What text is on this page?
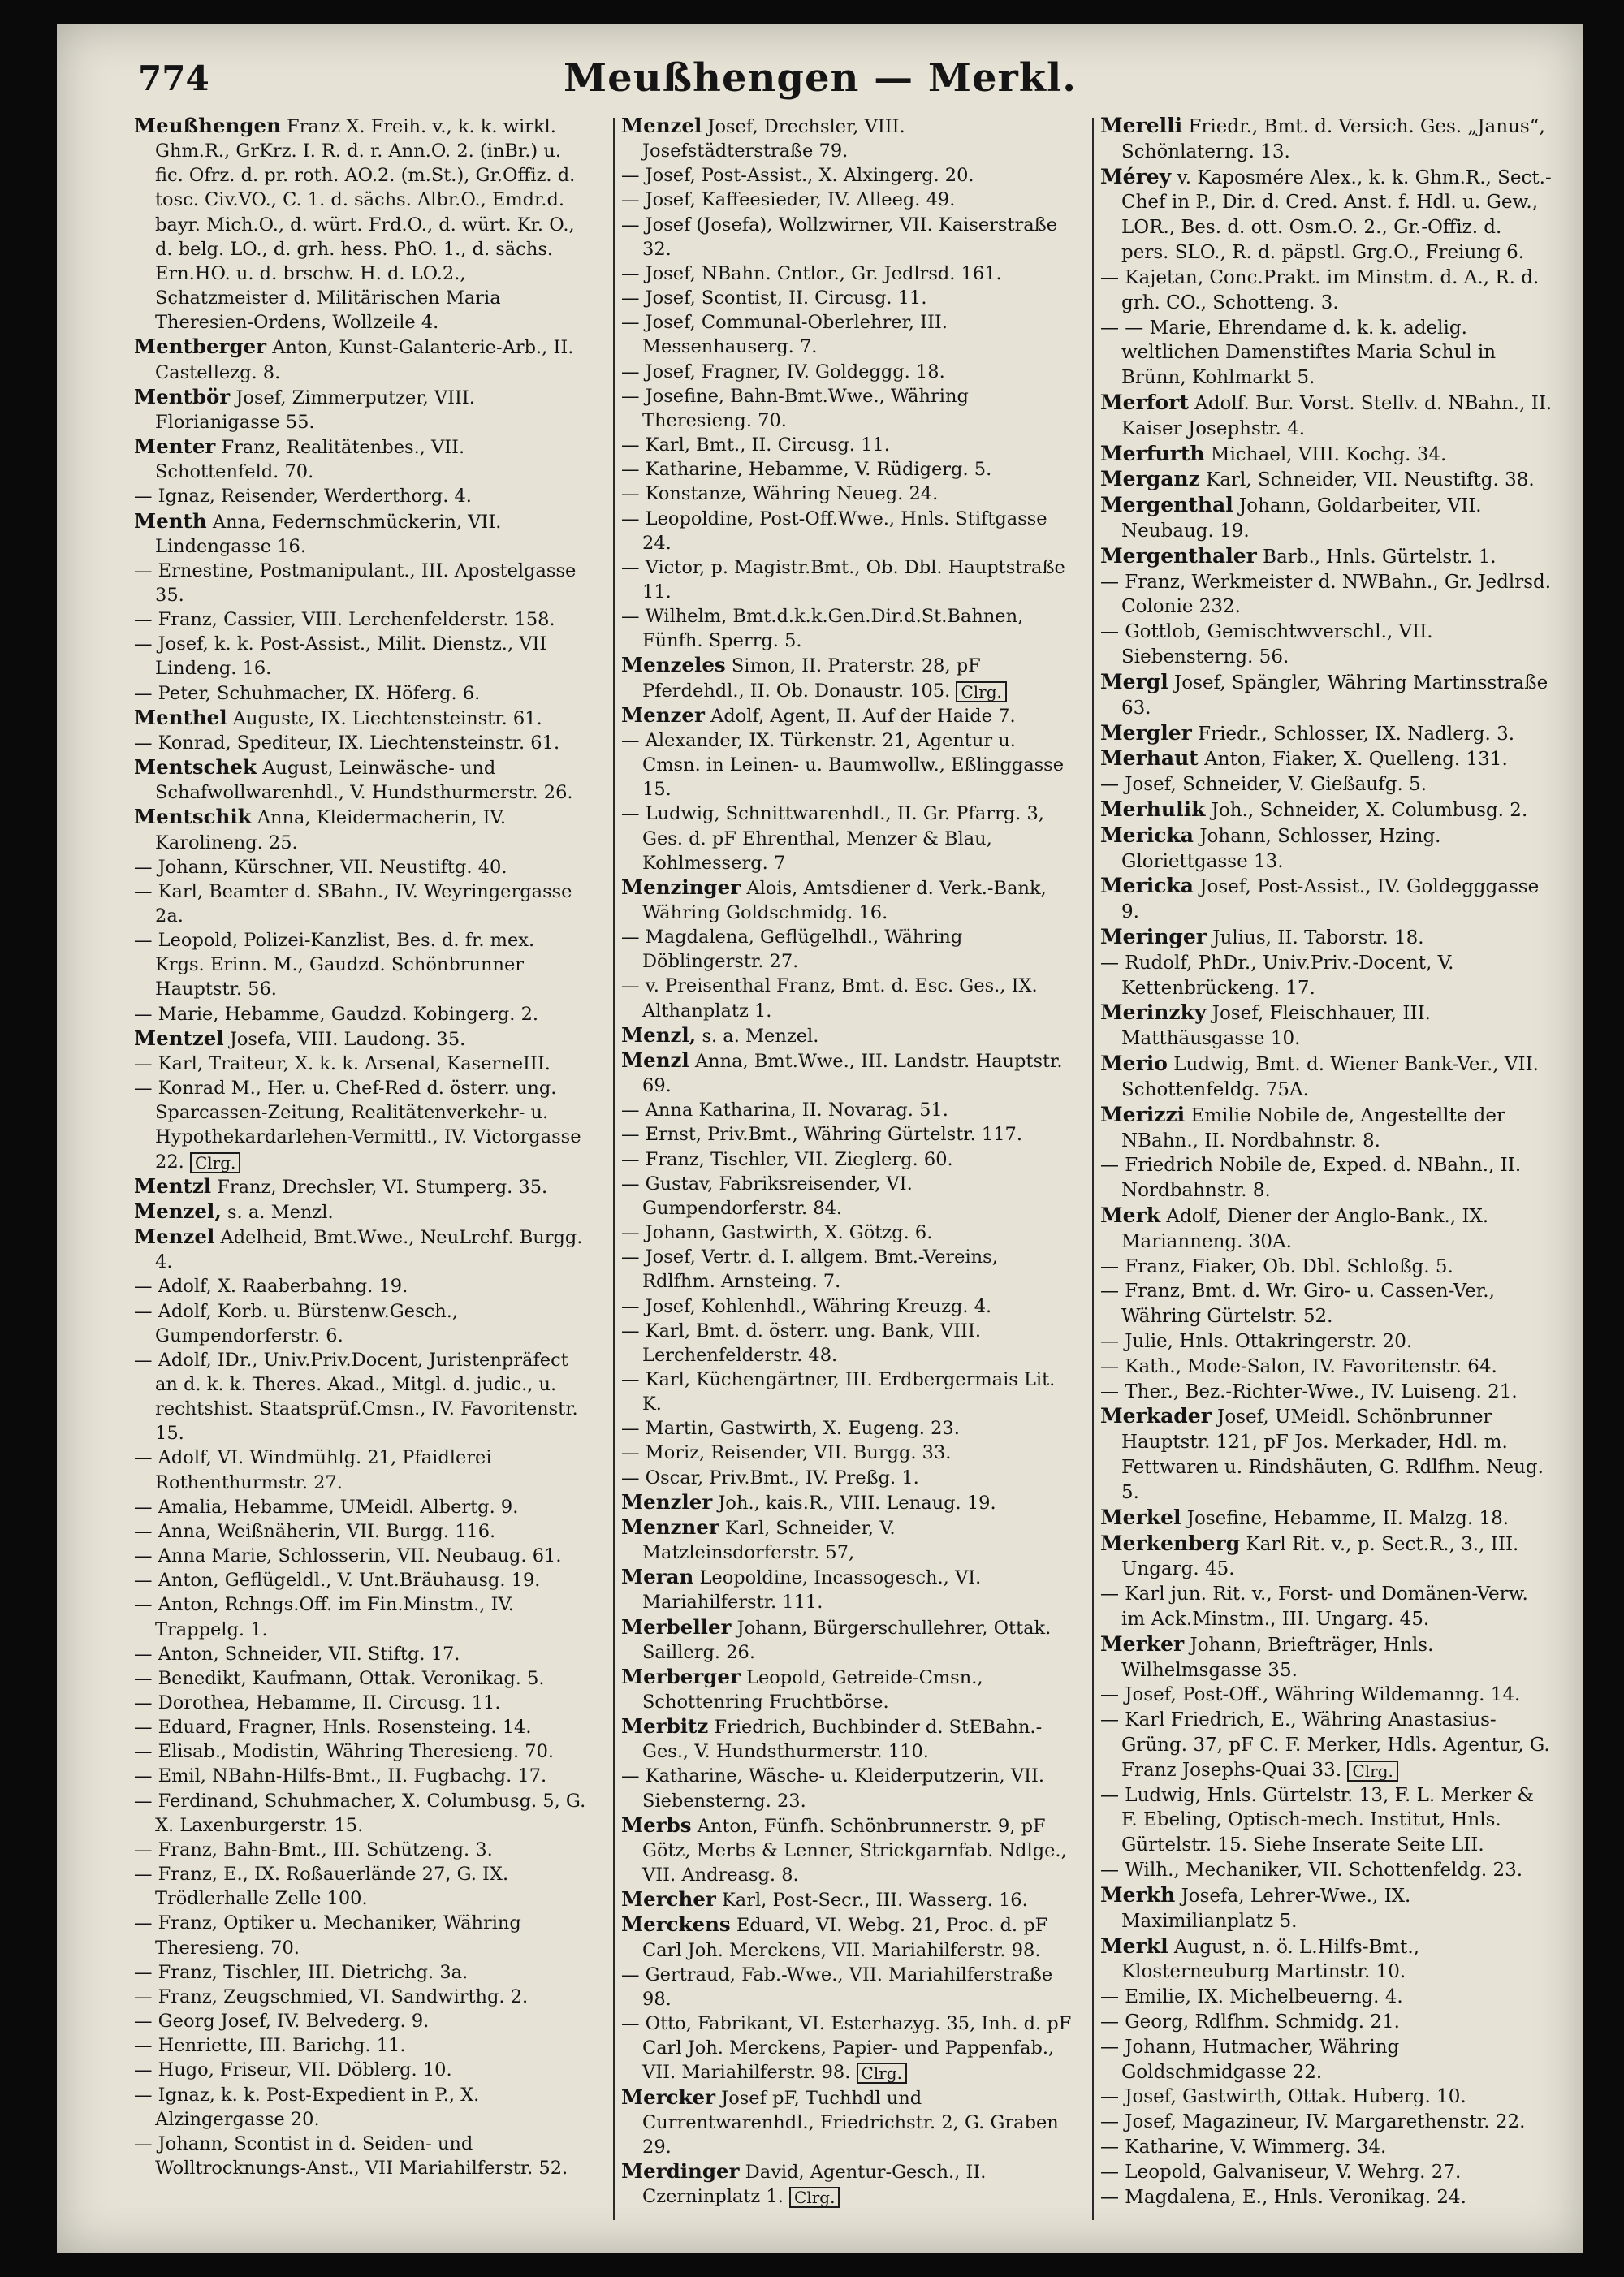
774	Meußhengen — Merkl.
Meußhengen Franz X. Freih. v., k. k. wirkl. Ghm.R., GrKrz. I. R. d. r. Ann.O. 2. (inBr.) u. fic. Ofrz. d. pr. roth. AO.2. (m.St.), Gr.Offiz. d. tosc. Civ.VO., C. 1. d. sächs. Albr.O., Emdr.d. bayr. Mich.O., d. würt. Frd.O., d. würt. Kr. O., d. belg. LO., d. grh. hess. PhO. 1., d. sächs. Ern.HO. u. d. brschw. H. d. LO.2., Schatzmeister d. Militärischen Maria Theresien-Ordens, Wollzeile 4.
Mentberger Anton, Kunst-Galanterie-Arb., II. Castellezg. 8.
Mentbör Josef, Zimmerputzer, VIII. Florianigasse 55.
Menter Franz, Realitätenbes., VII. Schottenfeld. 70.
— Ignaz, Reisender, Werderthorg. 4.
Menth Anna, Federnschmückerin, VII. Lindengasse 16.
— Ernestine, Postmanipulant., III. Apostelgasse 35.
— Franz, Cassier, VIII. Lerchenfelderstr. 158.
— Josef, k. k. Post-Assist., Milit. Dienstz., VII Lindeng. 16.
— Peter, Schuhmacher, IX. Höferg. 6.
Menthel Auguste, IX. Liechtensteinstr. 61.
— Konrad, Spediteur, IX. Liechtensteinstr. 61.
Mentschek August, Leinwäsche- und Schafwollwarenhdl., V. Hundsthurmerstr. 26.
Mentschik Anna, Kleidermacherin, IV. Karolineng. 25.
— Johann, Kürschner, VII. Neustiftg. 40.
— Karl, Beamter d. SBahn., IV. Weyringergasse 2a.
— Leopold, Polizei-Kanzlist, Bes. d. fr. mex. Krgs. Erinn. M., Gaudzd. Schönbrunner Hauptstr. 56.
— Marie, Hebamme, Gaudzd. Kobingerg. 2.
Mentzel Josefa, VIII. Laudong. 35.
— Karl, Traiteur, X. k. k. Arsenal, KaserneIII.
— Konrad M., Her. u. Chef-Red d. österr. ung. Sparcassen-Zeitung, Realitätenverkehr- u. Hypothekardarlehen-Vermittl., IV. Victorgasse 22. Clrg.
Mentzl Franz, Drechsler, VI. Stumperg. 35.
Menzel, s. a. Menzl.
Menzel Adelheid, Bmt.Wwe., NeuLrchf. Burgg. 4.
— Adolf, X. Raaberbahng. 19.
— Adolf, Korb. u. Bürstenw.Gesch., Gumpendorferstr. 6.
— Adolf, IDr., Univ.Priv.Docent, Juristenpräfect an d. k. k. Theres. Akad., Mitgl. d. judic., u. rechtshist. Staatsprüf.Cmsn., IV. Favoritenstr. 15.
— Adolf, VI. Windmühlg. 21, Pfaidlerei Rothenthurmstr. 27.
— Amalia, Hebamme, UMeidl. Albertg. 9.
— Anna, Weißnäherin, VII. Burgg. 116.
— Anna Marie, Schlosserin, VII. Neubaug. 61.
— Anton, Geflügeldl., V. Unt.Bräuhausg. 19.
— Anton, Rchngs.Off. im Fin.Minstm., IV. Trappelg. 1.
— Anton, Schneider, VII. Stiftg. 17.
— Benedikt, Kaufmann, Ottak. Veronikag. 5.
— Dorothea, Hebamme, II. Circusg. 11.
— Eduard, Fragner, Hnls. Rosensteing. 14.
— Elisab., Modistin, Währing Theresieng. 70.
— Emil, NBahn-Hilfs-Bmt., II. Fugbachg. 17.
— Ferdinand, Schuhmacher, X. Columbusg. 5, G. X. Laxenburgerstr. 15.
— Franz, Bahn-Bmt., III. Schützeng. 3.
— Franz, E., IX. Roßauerlände 27, G. IX. Trödlerhalle Zelle 100.
— Franz, Optiker u. Mechaniker, Währing Theresieng. 70.
— Franz, Tischler, III. Dietrichg. 3a.
— Franz, Zeugschmied, VI. Sandwirthg. 2.
— Georg Josef, IV. Belvederg. 9.
— Henriette, III. Barichg. 11.
— Hugo, Friseur, VII. Döblerg. 10.
— Ignaz, k. k. Post-Expedient in P., X. Alzingergasse 20.
— Johann, Scontist in d. Seiden- und Wolltrocknungs-Anst., VII Mariahilferstr. 52.
Menzel Josef, Drechsler, VIII. Josefstädterstraße 79.
— Josef, Post-Assist., X. Alxingerg. 20.
— Josef, Kaffeesieder, IV. Alleeg. 49.
— Josef (Josefa), Wollzwirner, VII. Kaiserstraße 32.
— Josef, NBahn. Cntlor., Gr. Jedlrsd. 161.
— Josef, Scontist, II. Circusg. 11.
— Josef, Communal-Oberlehrer, III. Messenhauserg. 7.
— Josef, Fragner, IV. Goldeggg. 18.
— Josefine, Bahn-Bmt.Wwe., Währing Theresieng. 70.
— Karl, Bmt., II. Circusg. 11.
— Katharine, Hebamme, V. Rüdigerg. 5.
— Konstanze, Währing Neueg. 24.
— Leopoldine, Post-Off.Wwe., Hnls. Stiftgasse 24.
— Victor, p. Magistr.Bmt., Ob. Dbl. Hauptstraße 11.
— Wilhelm, Bmt.d.k.k.Gen.Dir.d.St.Bahnen, Fünfh. Sperrg. 5.
Menzeles Simon, II. Praterstr. 28, pF Pferdehdl., II. Ob. Donaustr. 105. Clrg.
Menzer Adolf, Agent, II. Auf der Haide 7.
— Alexander, IX. Türkenstr. 21, Agentur u. Cmsn. in Leinen- u. Baumwollw., Eßlinggasse 15.
— Ludwig, Schnittwarenhdl., II. Gr. Pfarrg. 3, Ges. d. pF Ehrenthal, Menzer & Blau, Kohlmesserg. 7
Menzinger Alois, Amtsdiener d. Verk.-Bank, Währing Goldschmidg. 16.
— Magdalena, Geflügelhdl., Währing Döblingerstr. 27.
— v. Preisenthal Franz, Bmt. d. Esc. Ges., IX. Althanplatz 1.
Menzl, s. a. Menzel.
Menzl Anna, Bmt.Wwe., III. Landstr. Hauptstr. 69.
— Anna Katharina, II. Novarag. 51.
— Ernst, Priv.Bmt., Währing Gürtelstr. 117.
— Franz, Tischler, VII. Zieglerg. 60.
— Gustav, Fabriksreisender, VI. Gumpendorferstr. 84.
— Johann, Gastwirth, X. Götzg. 6.
— Josef, Vertr. d. I. allgem. Bmt.-Vereins, Rdlfhm. Arnsteing. 7.
— Josef, Kohlenhdl., Währing Kreuzg. 4.
— Karl, Bmt. d. österr. ung. Bank, VIII. Lerchenfelderstr. 48.
— Karl, Küchengärtner, III. Erdbergermais Lit. K.
— Martin, Gastwirth, X. Eugeng. 23.
— Moriz, Reisender, VII. Burgg. 33.
— Oscar, Priv.Bmt., IV. Preßg. 1.
Menzler Joh., kais.R., VIII. Lenaug. 19.
Menzner Karl, Schneider, V. Matzleinsdorferstr. 57,
Meran Leopoldine, Incassogesch., VI. Mariahilferstr. 111.
Merbeller Johann, Bürgerschullehrer, Ottak. Saillerg. 26.
Merberger Leopold, Getreide-Cmsn., Schottenring Fruchtbörse.
Merbitz Friedrich, Buchbinder d. StEBahn.-Ges., V. Hundsthurmerstr. 110.
— Katharine, Wäsche- u. Kleiderputzerin, VII. Siebensterng. 23.
Merbs Anton, Fünfh. Schönbrunnerstr. 9, pF Götz, Merbs & Lenner, Strickgarnfab. Ndlge., VII. Andreasg. 8.
Mercher Karl, Post-Secr., III. Wasserg. 16.
Merckens Eduard, VI. Webg. 21, Proc. d. pF Carl Joh. Merckens, VII. Mariahilferstr. 98.
— Gertraud, Fab.-Wwe., VII. Mariahilferstraße 98.
— Otto, Fabrikant, VI. Esterhazyg. 35, Inh. d. pF Carl Joh. Merckens, Papier- und Pappenfab., VII. Mariahilferstr. 98. Clrg.
Mercker Josef pF, Tuchhdl und Currentwarenhdl., Friedrichstr. 2, G. Graben 29.
Merdinger David, Agentur-Gesch., II. Czerninplatz 1. Clrg.
Merelli Friedr., Bmt. d. Versich. Ges. „Janus“, Schönlaterng. 13.
Mérey v. Kaposmére Alex., k. k. Ghm.R., Sect.-Chef in P., Dir. d. Cred. Anst. f. Hdl. u. Gew., LOR., Bes. d. ott. Osm.O. 2., Gr.-Offiz. d. pers. SLO., R. d. päpstl. Grg.O., Freiung 6.
— Kajetan, Conc.Prakt. im Minstm. d. A., R. d. grh. CO., Schotteng. 3.
— — Marie, Ehrendame d. k. k. adelig. weltlichen Damenstiftes Maria Schul in Brünn, Kohlmarkt 5.
Merfort Adolf. Bur. Vorst. Stellv. d. NBahn., II. Kaiser Josephstr. 4.
Merfurth Michael, VIII. Kochg. 34.
Merganz Karl, Schneider, VII. Neustiftg. 38.
Mergenthal Johann, Goldarbeiter, VII. Neubaug. 19.
Mergenthaler Barb., Hnls. Gürtelstr. 1.
— Franz, Werkmeister d. NWBahn., Gr. Jedlrsd. Colonie 232.
— Gottlob, Gemischtwverschl., VII. Siebensterng. 56.
Mergl Josef, Spängler, Währing Martinsstraße 63.
Mergler Friedr., Schlosser, IX. Nadlerg. 3.
Merhaut Anton, Fiaker, X. Quelleng. 131.
— Josef, Schneider, V. Gießaufg. 5.
Merhulik Joh., Schneider, X. Columbusg. 2.
Mericka Johann, Schlosser, Hzing. Gloriettgasse 13.
Mericka Josef, Post-Assist., IV. Goldegggasse 9.
Meringer Julius, II. Taborstr. 18.
— Rudolf, PhDr., Univ.Priv.-Docent, V. Kettenbrückeng. 17.
Merinzky Josef, Fleischhauer, III. Matthäusgasse 10.
Merio Ludwig, Bmt. d. Wiener Bank-Ver., VII. Schottenfeldg. 75A.
Merizzi Emilie Nobile de, Angestellte der NBahn., II. Nordbahnstr. 8.
— Friedrich Nobile de, Exped. d. NBahn., II. Nordbahnstr. 8.
Merk Adolf, Diener der Anglo-Bank., IX. Marianneng. 30A.
— Franz, Fiaker, Ob. Dbl. Schloßg. 5.
— Franz, Bmt. d. Wr. Giro- u. Cassen-Ver., Währing Gürtelstr. 52.
— Julie, Hnls. Ottakringerstr. 20.
— Kath., Mode-Salon, IV. Favoritenstr. 64.
— Ther., Bez.-Richter-Wwe., IV. Luiseng. 21.
Merkader Josef, UMeidl. Schönbrunner Hauptstr. 121, pF Jos. Merkader, Hdl. m. Fettwaren u. Rindshäuten, G. Rdlfhm. Neug. 5.
Merkel Josefine, Hebamme, II. Malzg. 18.
Merkenberg Karl Rit. v., p. Sect.R., 3., III. Ungarg. 45.
— Karl jun. Rit. v., Forst- und Domänen-Verw. im Ack.Minstm., III. Ungarg. 45.
Merker Johann, Briefträger, Hnls. Wilhelmsgasse 35.
— Josef, Post-Off., Währing Wildemanng. 14.
— Karl Friedrich, E., Währing Anastasius-Grüng. 37, pF C. F. Merker, Hdls. Agentur, G. Franz Josephs-Quai 33. Clrg.
— Ludwig, Hnls. Gürtelstr. 13, F. L. Merker & F. Ebeling, Optisch-mech. Institut, Hnls. Gürtelstr. 15. Siehe Inserate Seite LII.
— Wilh., Mechaniker, VII. Schottenfeldg. 23.
Merkh Josefa, Lehrer-Wwe., IX. Maximilianplatz 5.
Merkl August, n. ö. L.Hilfs-Bmt., Klosterneuburg Martinstr. 10.
— Emilie, IX. Michelbeuerng. 4.
— Georg, Rdlfhm. Schmidg. 21.
— Johann, Hutmacher, Währing Goldschmidgasse 22.
— Josef, Gastwirth, Ottak. Huberg. 10.
— Josef, Magazineur, IV. Margarethenstr. 22.
— Katharine, V. Wimmerg. 34.
— Leopold, Galvaniseur, V. Wehrg. 27.
— Magdalena, E., Hnls. Veronikag. 24.
